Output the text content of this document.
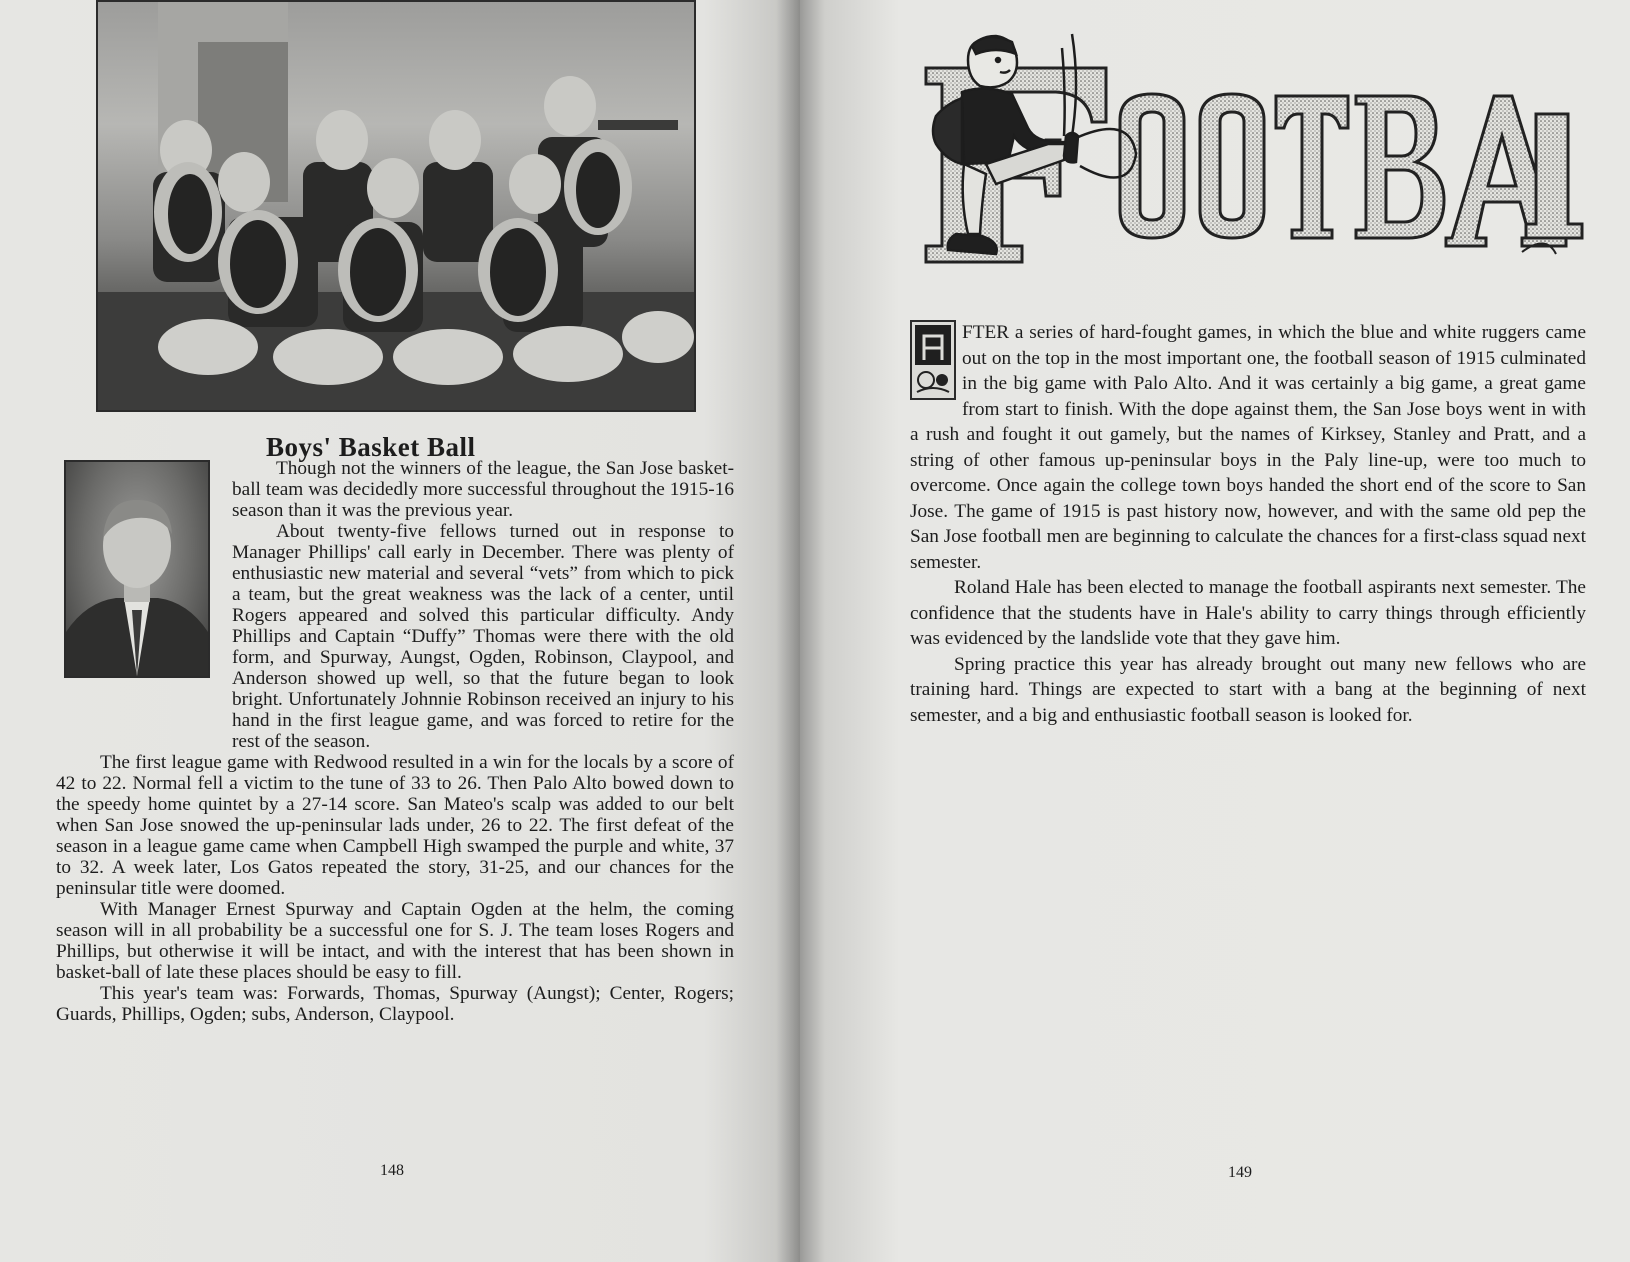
Boys' Basket Ball

Though not the winners of the league, the San Jose basket-ball team was decidedly more successful throughout the 1915-16 season than it was the previous year.

About twenty-five fellows turned out in response to Manager Phillips' call early in December. There was plenty of enthusiastic new material and several “vets” from which to pick a team, but the great weakness was the lack of a center, until Rogers appeared and solved this particular difficulty. Andy Phillips and Captain “Duffy” Thomas were there with the old form, and Spurway, Aungst, Ogden, Robinson, Claypool, and Anderson showed up well, so that the future began to look bright. Unfortunately Johnnie Robinson received an injury to his hand in the first league game, and was forced to retire for the rest of the season.

The first league game with Redwood resulted in a win for the locals by a score of 42 to 22. Normal fell a victim to the tune of 33 to 26. Then Palo Alto bowed down to the speedy home quintet by a 27-14 score. San Mateo's scalp was added to our belt when San Jose snowed the up-peninsular lads under, 26 to 22. The first defeat of the season in a league game came when Campbell High swamped the purple and white, 37 to 32. A week later, Los Gatos repeated the story, 31-25, and our chances for the peninsular title were doomed.

With Manager Ernest Spurway and Captain Ogden at the helm, the coming season will in all probability be a successful one for S. J. The team loses Rogers and Phillips, but otherwise it will be intact, and with the interest that has been shown in basket-ball of late these places should be easy to fill.

This year's team was: Forwards, Thomas, Spurway (Aungst); Center, Rogers; Guards, Phillips, Ogden; subs, Anderson, Claypool.

148	149

FTER a series of hard-fought games, in which the blue and white ruggers came out on the top in the most important one, the football season of 1915 culminated in the big game with Palo Alto. And it was certainly a big game, a great game from start to finish. With the dope against them, the San Jose boys went in with a rush and fought it out gamely, but the names of Kirksey, Stanley and Pratt, and a string of other famous up-peninsular boys in the Paly line-up, were too much to overcome. Once again the college town boys handed the short end of the score to San Jose. The game of 1915 is past history now, however, and with the same old pep the San Jose football men are beginning to calculate the chances for a first-class squad next semester.

Roland Hale has been elected to manage the football aspirants next semester. The confidence that the students have in Hale's ability to carry things through efficiently was evidenced by the landslide vote that they gave him.

Spring practice this year has already brought out many new fellows who are training hard. Things are expected to start with a bang at the beginning of next semester, and a big and enthusiastic football season is looked for.
